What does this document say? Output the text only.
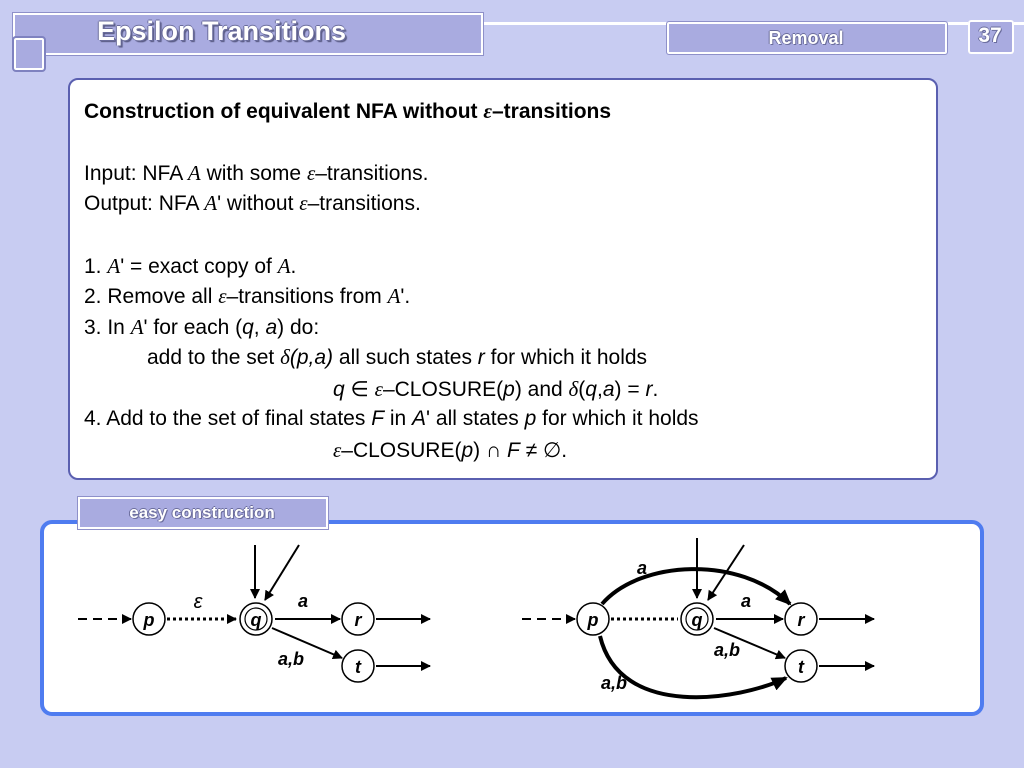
Epsilon Transitions	Removal	37
Construction of equivalent NFA without ε–transitions
Input: NFA A with some ε–transitions.
Output: NFA A' without ε–transitions.
1. A' = exact copy of A.
2. Remove all ε–transitions from A'.
3. In A' for each (q, a) do:
add to the set δ(p,a) all such states r for which it holds
q ∈ ε–CLOSURE(p) and δ(q,a) = r.
4. Add to the set of final states F in A' all states p for which it holds
ε–CLOSURE(p) ∩ F ≠ ∅.
easy construction
p	q	r
t
ε	a
a,b
p	q	r
t
a
a
a,b
a,b
